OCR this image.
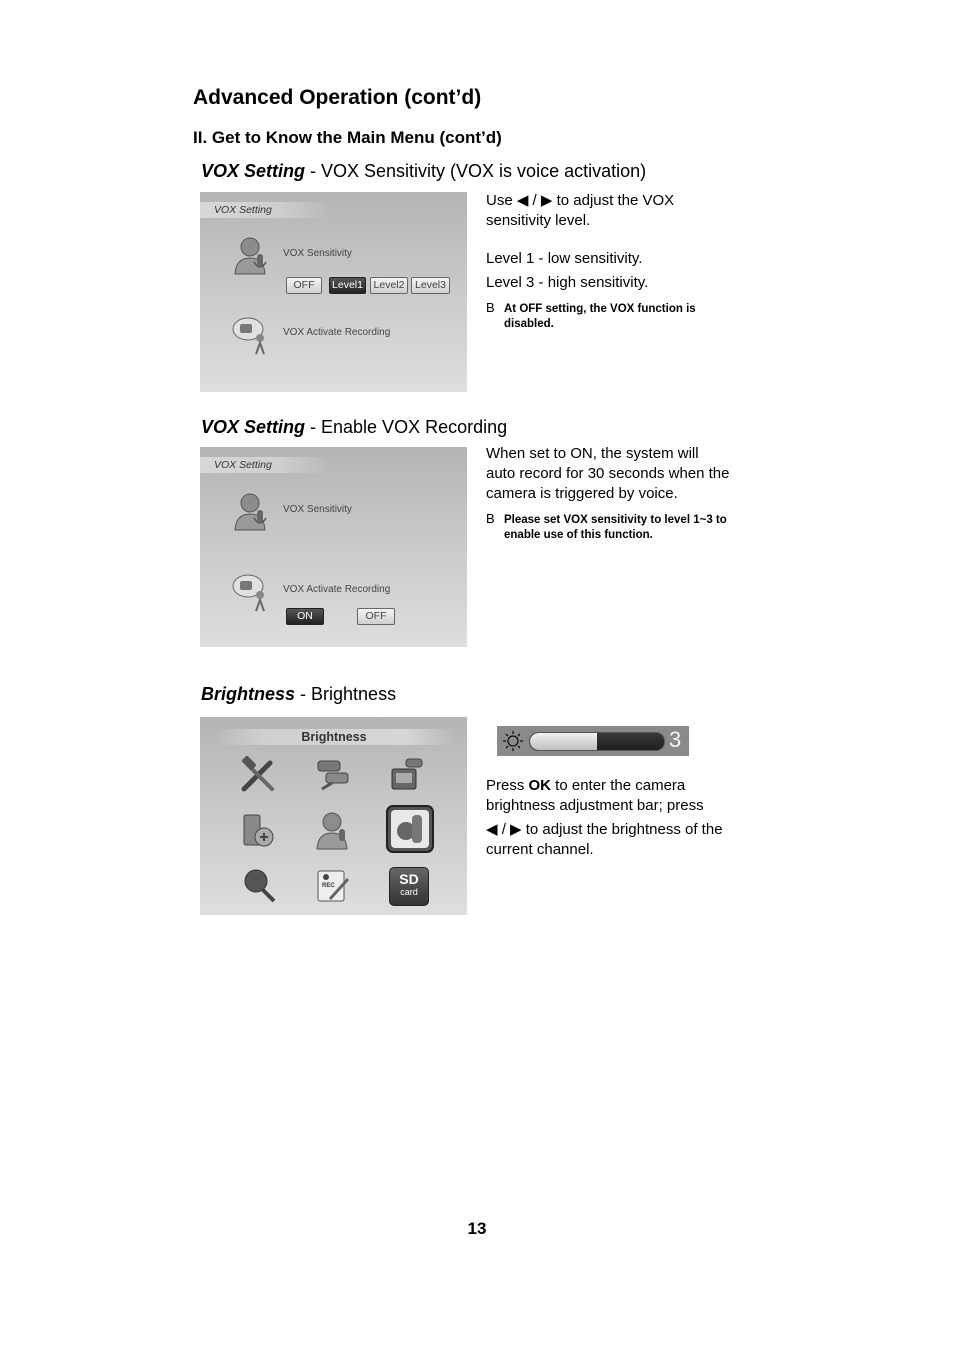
Advanced Operation (cont’d)
II. Get to Know the Main Menu (cont’d)
VOX Setting - VOX Sensitivity (VOX is voice activation)
VOX Setting
VOX Sensitivity
OFF	Level1	Level2	Level3
VOX Activate Recording
Use ◀ / ▶ to adjust the VOX
sensitivity level.
Level 1 - low sensitivity.
Level 3 - high sensitivity.
B At OFF setting, the VOX function is
disabled.
VOX Setting - Enable VOX Recording
VOX Setting
VOX Sensitivity
VOX Activate Recording
ON	OFF
When set to ON, the system will
auto record for 30 seconds when the
camera is triggered by voice.
B Please set VOX sensitivity to level 1~3 to
enable use of this function.
Brightness - Brightness
Brightness
REC	SD
card
3
Press OK to enter the camera
brightness adjustment bar; press
◀ / ▶ to adjust the brightness of the
current channel.
13
